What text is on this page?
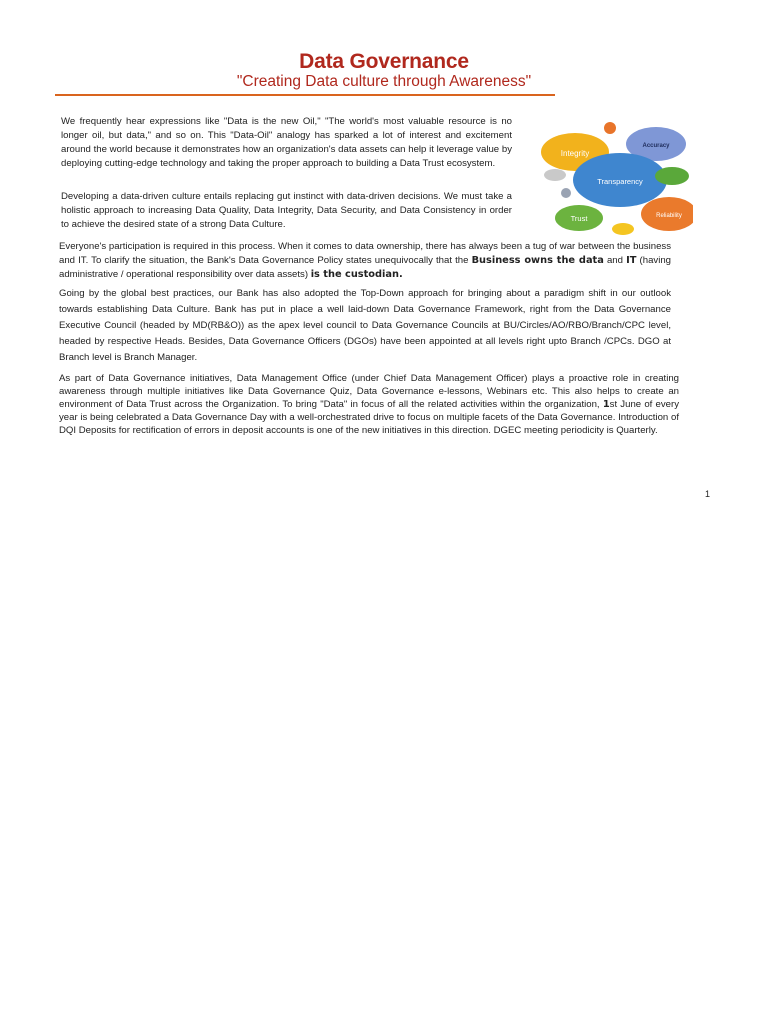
Data Governance
"Creating Data culture through Awareness"

We frequently hear expressions like "Data is the new Oil," "The world's most valuable resource is no longer oil, but data," and so on. This "Data-Oil" analogy has sparked a lot of interest and excitement around the world because it demonstrates how an organization's data assets can help it leverage value by deploying cutting-edge technology and taking the proper approach to building a Data Trust ecosystem.

Developing a data-driven culture entails replacing gut instinct with data-driven decisions. We must take a holistic approach to increasing Data Quality, Data Integrity, Data Security, and Data Consistency in order to achieve the desired state of a strong Data Culture.

Accuracy
Integrity
Transparency
Trust	Reliability

Everyone's participation is required in this process. When it comes to data ownership, there has always been a tug of war between the business and IT. To clarify the situation, the Bank's Data Governance Policy states unequivocally that the Business owns the data and IT (having administrative / operational responsibility over data assets) is the custodian.

Going by the global best practices, our Bank has also adopted the Top-Down approach for bringing about a paradigm shift in our outlook towards establishing Data Culture. Bank has put in place a well laid-down Data Governance Framework, right from the Data Governance Executive Council (headed by MD(RB&O)) as the apex level council to Data Governance Councils at BU/Circles/AO/RBO/Branch/CPC level, headed by respective Heads. Besides, Data Governance Officers (DGOs) have been appointed at all levels right upto Branch /CPCs. DGO at Branch level is Branch Manager.

As part of Data Governance initiatives, Data Management Office (under Chief Data Management Officer) plays a proactive role in creating awareness through multiple initiatives like Data Governance Quiz, Data Governance e-lessons, Webinars etc. This also helps to create an environment of Data Trust across the Organization. To bring "Data" in focus of all the related activities within the organization, 1st June of every year is being celebrated a Data Governance Day with a well-orchestrated drive to focus on multiple facets of the Data Governance. Introduction of DQI Deposits for rectification of errors in deposit accounts is one of the new initiatives in this direction. DGEC meeting periodicity is Quarterly.

1
